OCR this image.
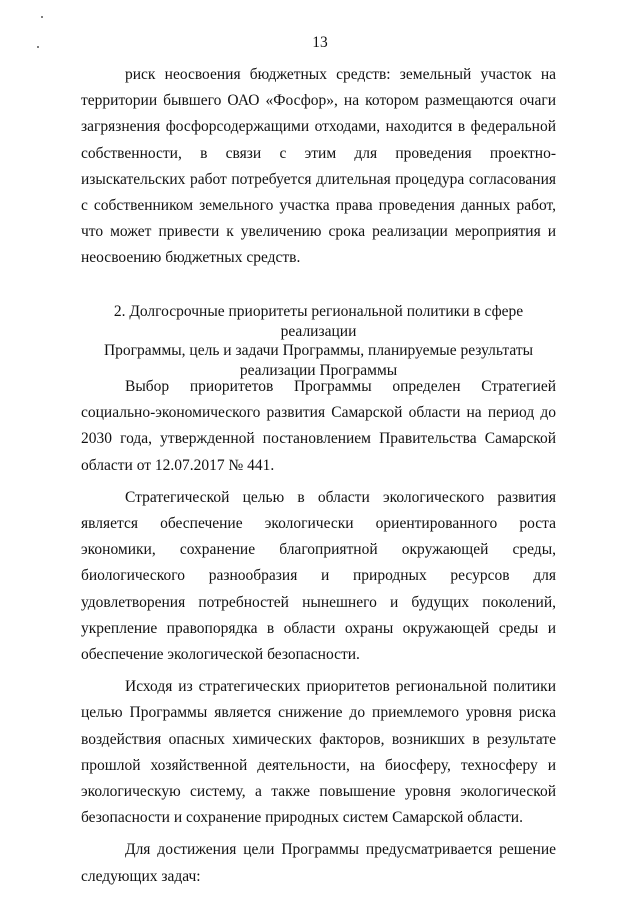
13

риск неосвоения бюджетных средств: земельный участок на территории бывшего ОАО «Фосфор», на котором размещаются очаги загрязнения фосфорсодержащими отходами, находится в федеральной собственности, в связи с этим для проведения проектно-изыскательских работ потребуется длительная процедура согласования с собственником земельного участка права проведения данных работ, что может привести к увеличению срока реализации мероприятия и неосвоению бюджетных средств.

2. Долгосрочные приоритеты региональной политики в сфере реализации
Программы, цель и задачи Программы, планируемые результаты
реализации Программы

Выбор приоритетов Программы определен Стратегией социально-экономического развития Самарской области на период до 2030 года, утвержденной постановлением Правительства Самарской области от 12.07.2017 № 441.

Стратегической целью в области экологического развития является обеспечение экологически ориентированного роста экономики, сохранение благоприятной окружающей среды, биологического разнообразия и природных ресурсов для удовлетворения потребностей нынешнего и будущих поколений, укрепление правопорядка в области охраны окружающей среды и обеспечение экологической безопасности.

Исходя из стратегических приоритетов региональной политики целью Программы является снижение до приемлемого уровня риска воздействия опасных химических факторов, возникших в результате прошлой хозяйственной деятельности, на биосферу, техносферу и экологическую систему, а также повышение уровня экологической безопасности и сохранение природных систем Самарской области.

Для достижения цели Программы предусматривается решение следующих задач:
